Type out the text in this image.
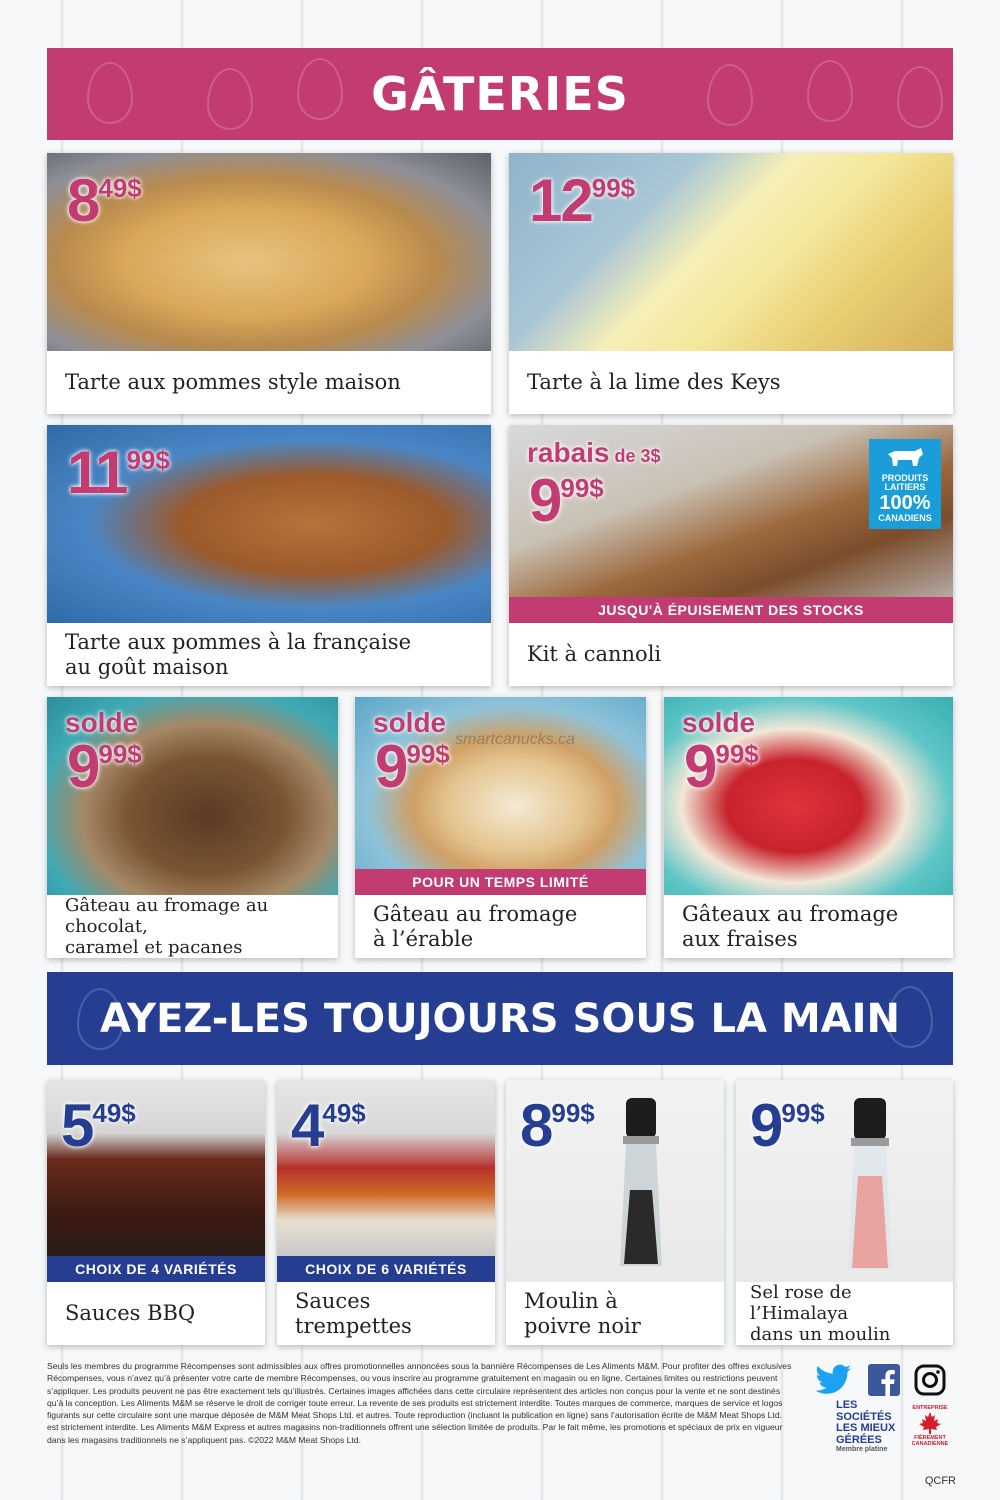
GÂTERIES
8 49$
Tarte aux pommes style maison
12 99$
Tarte à la lime des Keys
11 99$
Tarte aux pommes à la française
au goût maison
rabais de 3$
9 99$	PRODUITS LAITIERS
100%
CANADIENS
JUSQU'À ÉPUISEMENT DES STOCKS
Kit à cannoli
solde
9 99$
Gâteau au fromage au chocolat,
caramel et pacanes
solde
smartcanucks.ca
9 99$
POUR UN TEMPS LIMITÉ
Gâteau au fromage
à l’érable
solde
9 99$
Gâteaux au fromage
aux fraises
AYEZ-LES TOUJOURS SOUS LA MAIN
5 49$
CHOIX DE 4 VARIÉTÉS
Sauces BBQ
4 49$
CHOIX DE 6 VARIÉTÉS
Sauces
trempettes
8 99$
Moulin à
poivre noir
9 99$
Sel rose de l’Himalaya
dans un moulin
Seuls les membres du programme Récompenses sont admissibles aux offres promotionnelles annoncées sous la bannière Récompenses de Les Aliments M&M. Pour profiter des offres exclusives Récompenses, vous n’avez qu’à présenter votre carte de membre Récompenses, ou vous inscrire au programme gratuitement en magasin ou en ligne. Certaines limites ou restrictions peuvent s’appliquer. Les produits peuvent ne pas être exactement tels qu’illustrés. Certaines images affichées dans cette circulaire représentent des articles non conçus pour la vente et ne sont destinés qu’à la conception. Les Aliments M&M se réserve le droit de corriger toute erreur. La revente de ses produits est strictement interdite. Toutes marques de commerce, marques de service et logos figurants sur cette circulaire sont une marque déposée de M&M Meat Shops Ltd. et autres. Toute reproduction (incluant la publication en ligne) sans l’autorisation écrite de M&M Meat Shops Ltd. est strictement interdite. Les Aliments M&M Express et autres magasins non-traditionnels offrent une sélection limitée de produits. Par le fait même, les promotions et spéciaux de prix en vigueur dans les magasins traditionnels ne s’appliquent pas. ©2022 M&M Meat Shops Ltd.
LES SOCIÉTÉS
LES MIEUX
GÉRÉES
Membre platine
ENTREPRISE
FIÈREMENT CANADIENNE
QCFR
